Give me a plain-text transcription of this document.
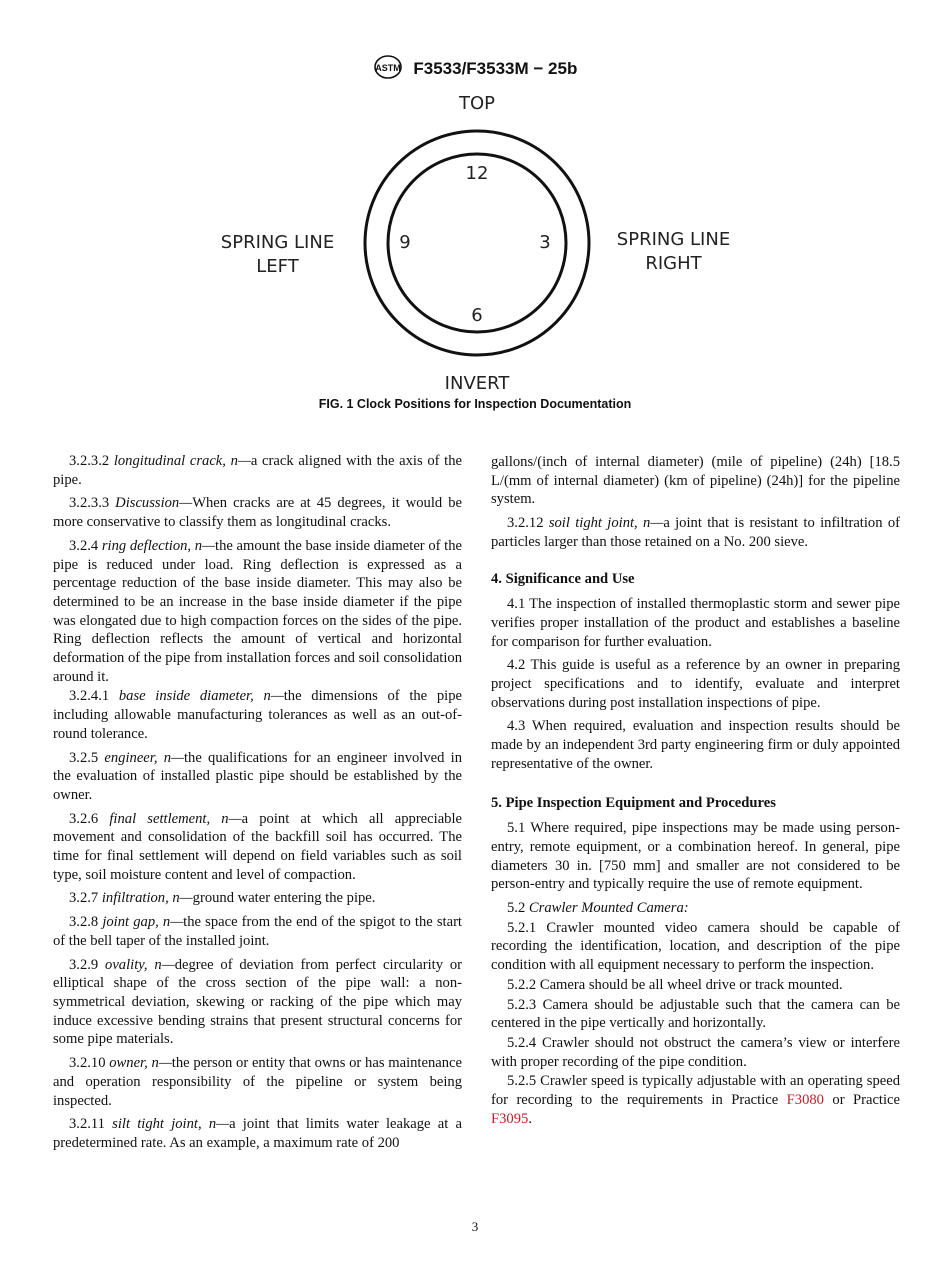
ASTM F3533/F3533M − 25b
TOP
12
9	3
6
SPRING LINE
LEFT
SPRING LINE
RIGHT
INVERT
FIG. 1 Clock Positions for Inspection Documentation

3.2.3.2 longitudinal crack, n—a crack aligned with the axis of the pipe.

3.2.3.3 Discussion—When cracks are at 45 degrees, it would be more conservative to classify them as longitudinal cracks.

3.2.4 ring deflection, n—the amount the base inside diameter of the pipe is reduced under load. Ring deflection is expressed as a percentage reduction of the base inside diameter. This may also be determined to be an increase in the base inside diameter if the pipe was elongated due to high compaction forces on the sides of the pipe. Ring deflection reflects the amount of vertical and horizontal deformation of the pipe from installation forces and soil consolidation around it.

3.2.4.1 base inside diameter, n—the dimensions of the pipe including allowable manufacturing tolerances as well as an out-of-round tolerance.

3.2.5 engineer, n—the qualifications for an engineer involved in the evaluation of installed plastic pipe should be established by the owner.

3.2.6 final settlement, n—a point at which all appreciable movement and consolidation of the backfill soil has occurred. The time for final settlement will depend on field variables such as soil type, soil moisture content and level of compaction.

3.2.7 infiltration, n—ground water entering the pipe.

3.2.8 joint gap, n—the space from the end of the spigot to the start of the bell taper of the installed joint.

3.2.9 ovality, n—degree of deviation from perfect circularity or elliptical shape of the cross section of the pipe wall: a non-symmetrical deviation, skewing or racking of the pipe which may induce excessive bending strains that present structural concerns for some pipe materials.

3.2.10 owner, n—the person or entity that owns or has maintenance and operation responsibility of the pipeline or system being inspected.

3.2.11 silt tight joint, n—a joint that limits water leakage at a predetermined rate. As an example, a maximum rate of 200

gallons/(inch of internal diameter) (mile of pipeline) (24h) [18.5 L/(mm of internal diameter) (km of pipeline) (24h)] for the pipeline system.

3.2.12 soil tight joint, n—a joint that is resistant to infiltration of particles larger than those retained on a No. 200 sieve.

4. Significance and Use

4.1 The inspection of installed thermoplastic storm and sewer pipe verifies proper installation of the product and establishes a baseline for comparison for further evaluation.

4.2 This guide is useful as a reference by an owner in preparing project specifications and to identify, evaluate and interpret observations during post installation inspections of pipe.

4.3 When required, evaluation and inspection results should be made by an independent 3rd party engineering firm or duly appointed representative of the owner.

5. Pipe Inspection Equipment and Procedures

5.1 Where required, pipe inspections may be made using person-entry, remote equipment, or a combination hereof. In general, pipe diameters 30 in. [750 mm] and smaller are not considered to be person-entry and typically require the use of remote equipment.

5.2 Crawler Mounted Camera:

5.2.1 Crawler mounted video camera should be capable of recording the identification, location, and description of the pipe condition with all equipment necessary to perform the inspection.

5.2.2 Camera should be all wheel drive or track mounted.

5.2.3 Camera should be adjustable such that the camera can be centered in the pipe vertically and horizontally.

5.2.4 Crawler should not obstruct the camera’s view or interfere with proper recording of the pipe condition.

5.2.5 Crawler speed is typically adjustable with an operating speed for recording to the requirements in Practice F3080 or Practice F3095.

3
